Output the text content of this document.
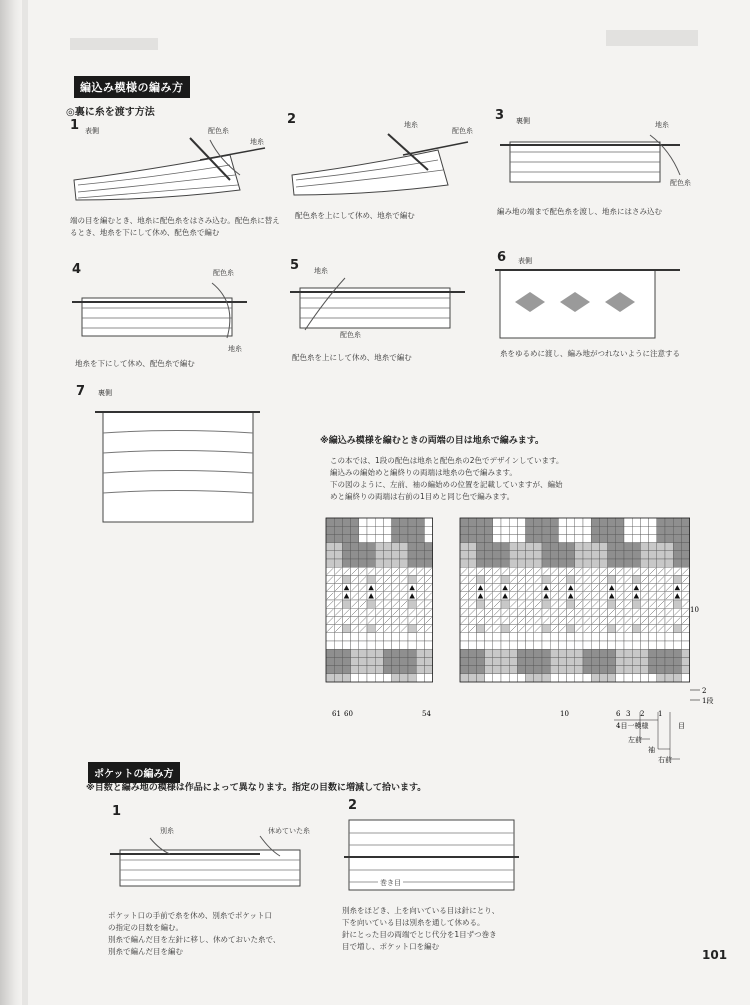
編込み模様の編み方
◎裏に糸を渡す方法
1 表側	配色糸
地糸
端の目を編むとき、地糸に配色糸をはさみ込む。配色糸に替えるとき、地糸を下にして休め、配色糸で編む
2	地糸
配色糸
配色糸を上にして休め、地糸で編む
3 裏側	地糸
配色糸
編み地の端まで配色糸を渡し、地糸にはさみ込む
4	配色糸
地糸
地糸を下にして休め、配色糸で編む
5 地糸
配色糸
配色糸を上にして休め、地糸で編む
6 表側
糸をゆるめに渡し、編み地がつれないように注意する
7 裏側
※編込み模様を編むときの両端の目は地糸で編みます。
この本では、1段の配色は地糸と配色糸の2色でデザインしています。
編込みの編始めと編終りの両端は地糸の色で編みます。
下の図のように、左前、袖の編始めの位置を記載していますが、編始
めと編終りの両端は右前の1目めと同じ色で編みます。
61 60	54	10	6 3 2 1
10
2
1段
4目一模様	目
左前
袖
右前
ポケットの編み方
※目数と編み地の模様は作品によって異なります。指定の目数に増減して拾います。
1
別糸	休めていた糸
ポケット口の手前で糸を休め、別糸でポケット口
の指定の目数を編む。
別糸で編んだ目を左針に移し、休めておいた糸で、
別糸で編んだ目を編む
2
巻き目
別糸をほどき、上を向いている目は針にとり、
下を向いている目は別糸を通して休める。
針にとった目の両端でとじ代分を1目ずつ巻き
目で増し、ポケット口を編む
101
